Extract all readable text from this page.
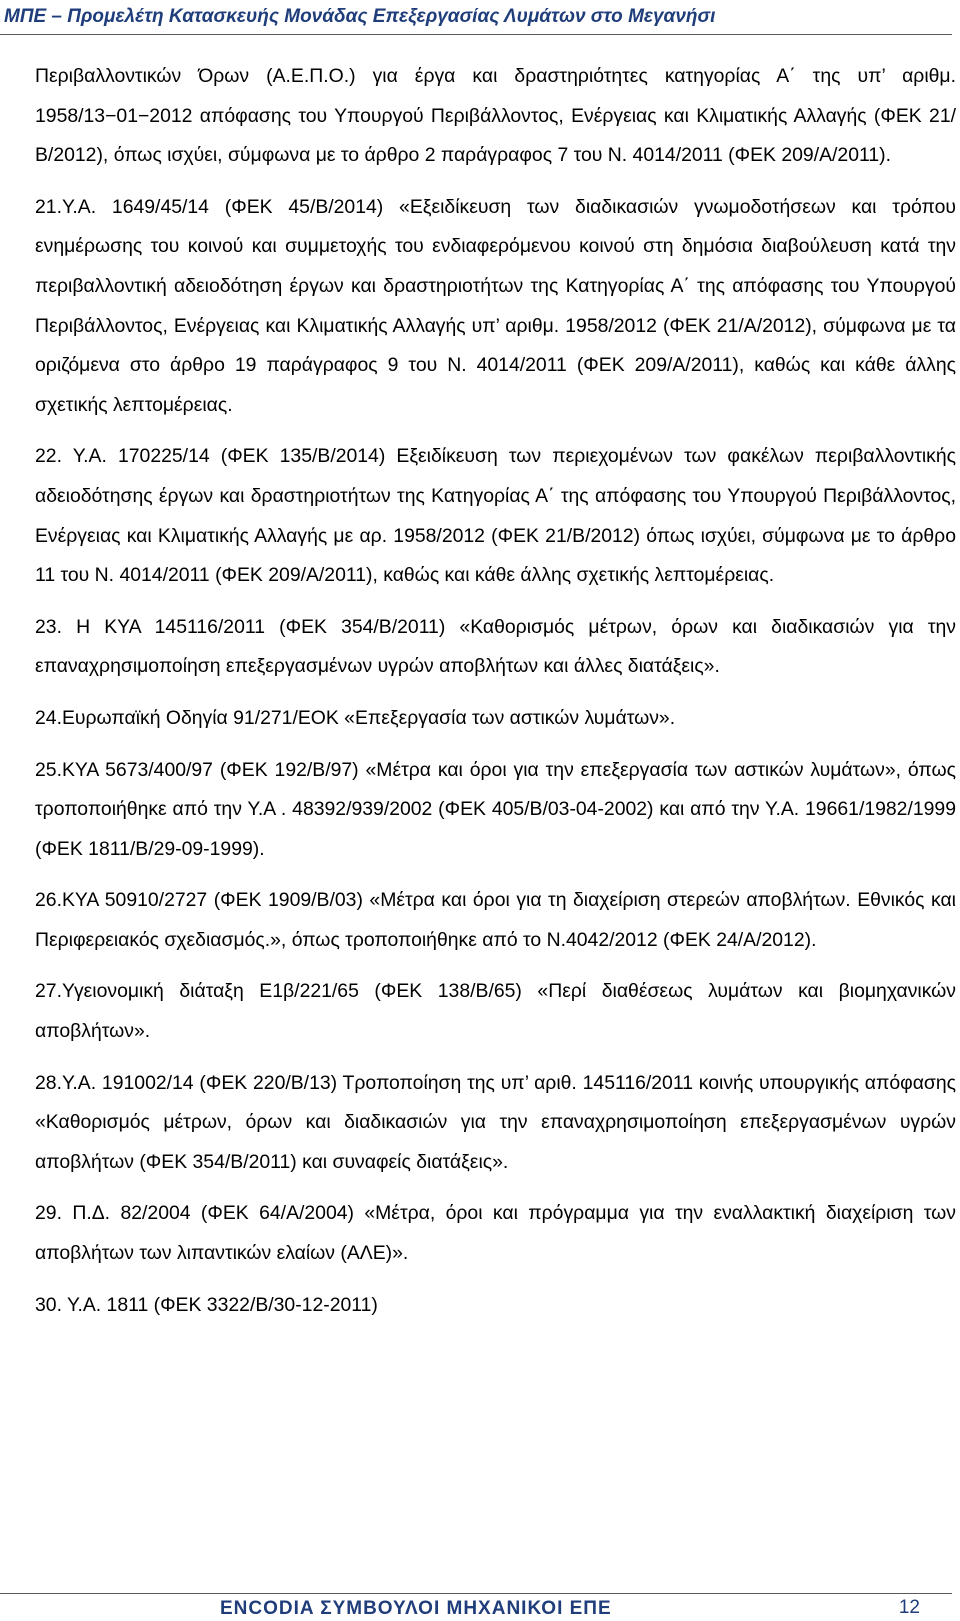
ΜΠΕ – Προμελέτη Κατασκευής Μονάδας Επεξεργασίας Λυμάτων στο Μεγανήσι

Περιβαλλοντικών Όρων (Α.Ε.Π.Ο.) για έργα και δραστηριότητες κατηγορίας Α΄ της υπ’ αριθμ. 1958/13−01−2012 απόφασης του Υπουργού Περιβάλλοντος, Ενέργειας και Κλιματικής Αλλαγής (ΦΕΚ 21/Β/2012), όπως ισχύει, σύμφωνα με το άρθρο 2 παράγραφος 7 του Ν. 4014/2011 (ΦΕΚ 209/Α/2011).

21.Υ.Α. 1649/45/14 (ΦΕΚ 45/Β/2014) «Εξειδίκευση των διαδικασιών γνωμοδοτήσεων και τρόπου ενημέρωσης του κοινού και συμμετοχής του ενδιαφερόμενου κοινού στη δημόσια διαβούλευση κατά την περιβαλλοντική αδειοδότηση έργων και δραστηριοτήτων της Κατηγορίας Α΄ της απόφασης του Υπουργού Περιβάλλοντος, Ενέργειας και Κλιματικής Αλλαγής υπ’ αριθμ. 1958/2012 (ΦΕΚ 21/Α/2012), σύμφωνα με τα οριζόμενα στο άρθρο 19 παράγραφος 9 του Ν. 4014/2011 (ΦΕΚ 209/Α/2011), καθώς και κάθε άλλης σχετικής λεπτομέρειας.

22. Υ.Α. 170225/14 (ΦΕΚ 135/Β/2014) Εξειδίκευση των περιεχομένων των φακέλων περιβαλλοντικής αδειοδότησης έργων και δραστηριοτήτων της Κατηγορίας Α΄ της απόφασης του Υπουργού Περιβάλλοντος, Ενέργειας και Κλιματικής Αλλαγής με αρ. 1958/2012 (ΦΕΚ 21/Β/2012) όπως ισχύει, σύμφωνα με το άρθρο 11 του Ν. 4014/2011 (ΦΕΚ 209/Α/2011), καθώς και κάθε άλλης σχετικής λεπτομέρειας.

23. Η ΚΥΑ 145116/2011 (ΦΕΚ 354/Β/2011) «Καθορισμός μέτρων, όρων και διαδικασιών για την επαναχρησιμοποίηση επεξεργασμένων υγρών αποβλήτων και άλλες διατάξεις».

24.Ευρωπαϊκή Οδηγία 91/271/ΕΟΚ «Επεξεργασία των αστικών λυμάτων».

25.ΚΥΑ 5673/400/97 (ΦΕΚ 192/Β/97) «Μέτρα και όροι για την επεξεργασία των αστικών λυμάτων», όπως τροποποιήθηκε από την Υ.Α . 48392/939/2002 (ΦΕΚ 405/Β/03-04-2002) και από την Υ.Α. 19661/1982/1999 (ΦΕΚ 1811/Β/29-09-1999).

26.ΚΥΑ 50910/2727 (ΦΕΚ 1909/Β/03) «Μέτρα και όροι για τη διαχείριση στερεών αποβλήτων. Εθνικός και Περιφερειακός σχεδιασμός.», όπως τροποποιήθηκε από το Ν.4042/2012 (ΦΕΚ 24/Α/2012).

27.Υγειονομική διάταξη Ε1β/221/65 (ΦΕΚ 138/Β/65) «Περί διαθέσεως λυμάτων και βιομηχανικών αποβλήτων».

28.Υ.Α. 191002/14 (ΦΕΚ 220/Β/13) Τροποποίηση της υπ’ αριθ. 145116/2011 κοινής υπουργικής απόφασης «Καθορισμός μέτρων, όρων και διαδικασιών για την επαναχρησιμοποίηση επεξεργασμένων υγρών αποβλήτων (ΦΕΚ 354/Β/2011) και συναφείς διατάξεις».

29. Π.Δ. 82/2004 (ΦΕΚ 64/Α/2004) «Μέτρα, όροι και πρόγραμμα για την εναλλακτική διαχείριση των αποβλήτων των λιπαντικών ελαίων (ΑΛΕ)».

30. Υ.Α. 1811 (ΦΕΚ 3322/Β/30-12-2011)

ENCODIA ΣΥΜΒΟΥΛΟΙ ΜΗΧΑΝΙΚΟΙ ΕΠΕ	12
